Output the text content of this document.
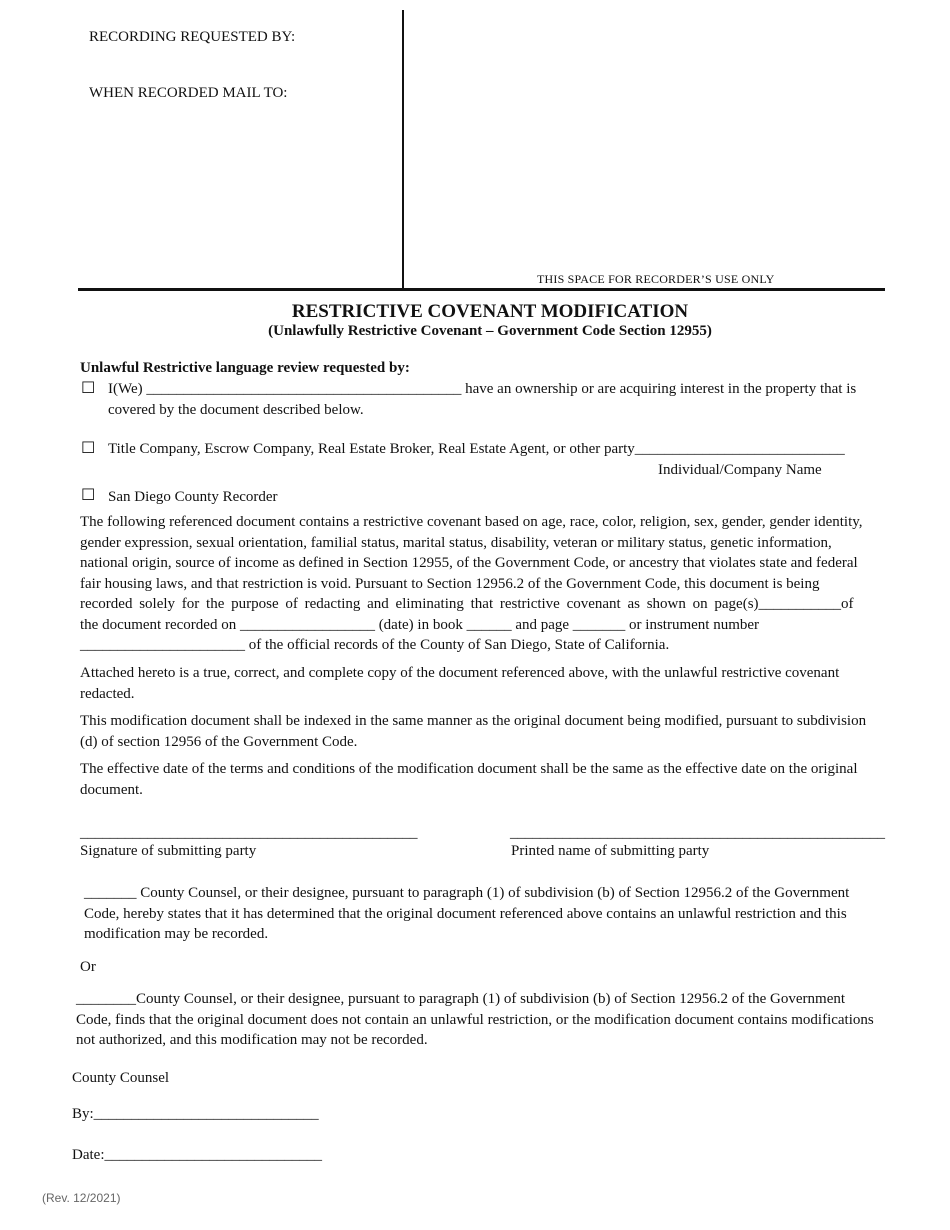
RECORDING REQUESTED BY:
WHEN RECORDED MAIL TO:
THIS SPACE FOR RECORDER’S USE ONLY
RESTRICTIVE COVENANT MODIFICATION
(Unlawfully Restrictive Covenant – Government Code Section 12955)
Unlawful Restrictive language review requested by:
☐ I(We) __________________________________________ have an ownership or are acquiring interest in the property that is
covered by the document described below.
☐ Title Company, Escrow Company, Real Estate Broker, Real Estate Agent, or other party____________________________
Individual/Company Name
☐ San Diego County Recorder
The following referenced document contains a restrictive covenant based on age, race, color, religion, sex, gender, gender identity,
gender expression, sexual orientation, familial status, marital status, disability, veteran or military status, genetic information,
national origin, source of income as defined in Section 12955, of the Government Code, or ancestry that violates state and federal
fair housing laws, and that restriction is void. Pursuant to Section 12956.2 of the Government Code, this document is being
recorded solely for the purpose of redacting and eliminating that restrictive covenant as shown on page(s)___________of
the document recorded on __________________ (date) in book ______ and page _______ or instrument number
______________________ of the official records of the County of San Diego, State of California.
Attached hereto is a true, correct, and complete copy of the document referenced above, with the unlawful restrictive covenant
redacted.
This modification document shall be indexed in the same manner as the original document being modified, pursuant to subdivision
(d) of section 12956 of the Government Code.
The effective date of the terms and conditions of the modification document shall be the same as the effective date on the original
document.
_____________________________________________
Signature of submitting party
__________________________________________________
Printed name of submitting party
_______ County Counsel, or their designee, pursuant to paragraph (1) of subdivision (b) of Section 12956.2 of the Government
Code, hereby states that it has determined that the original document referenced above contains an unlawful restriction and this
modification may be recorded.
Or
________County Counsel, or their designee, pursuant to paragraph (1) of subdivision (b) of Section 12956.2 of the Government
Code, finds that the original document does not contain an unlawful restriction, or the modification document contains modifications
not authorized, and this modification may not be recorded.
County Counsel
By:______________________________
Date:_____________________________
(Rev. 12/2021)
